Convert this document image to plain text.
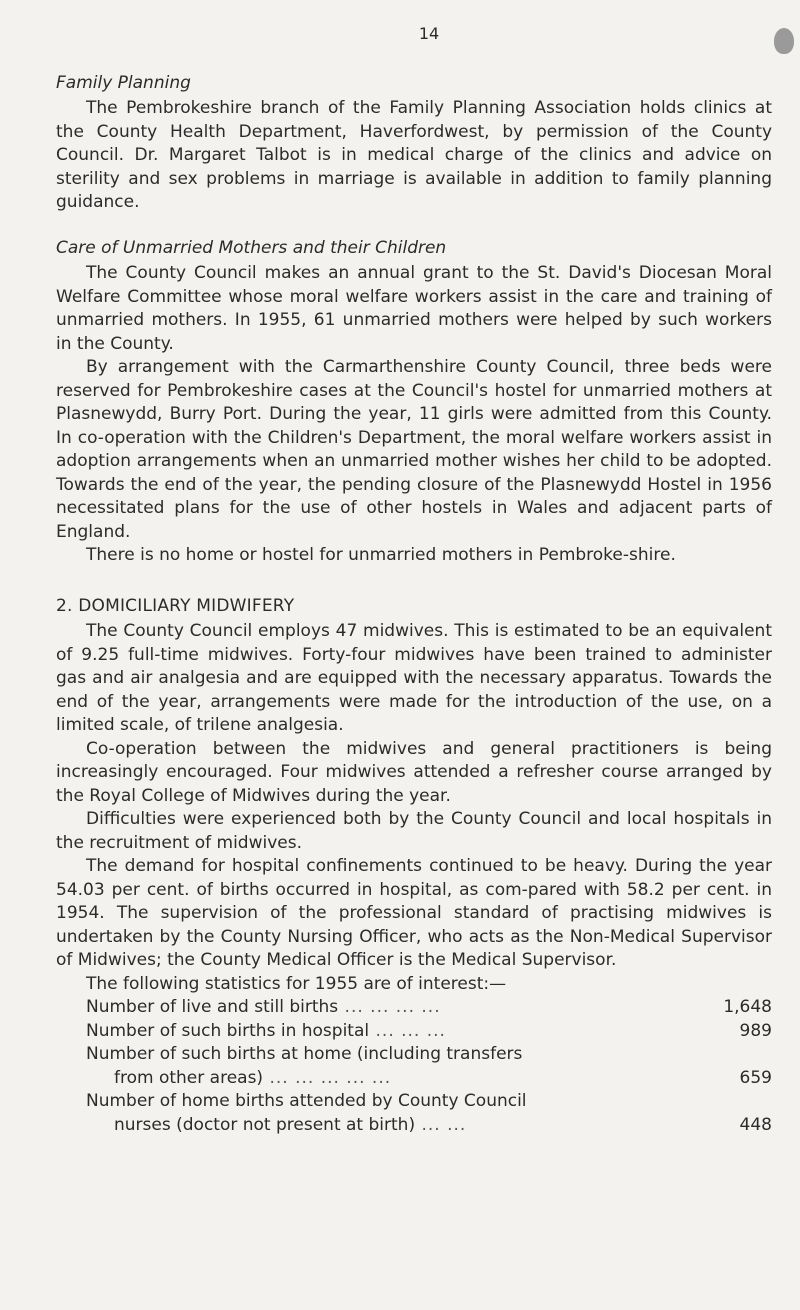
14
Family Planning

The Pembrokeshire branch of the Family Planning Association holds clinics at the County Health Department, Haverfordwest, by permission of the County Council. Dr. Margaret Talbot is in medical charge of the clinics and advice on sterility and sex problems in marriage is available in addition to family planning guidance.

Care of Unmarried Mothers and their Children

The County Council makes an annual grant to the St. David's Diocesan Moral Welfare Committee whose moral welfare workers assist in the care and training of unmarried mothers. In 1955, 61 unmarried mothers were helped by such workers in the County.

By arrangement with the Carmarthenshire County Council, three beds were reserved for Pembrokeshire cases at the Council's hostel for unmarried mothers at Plasnewydd, Burry Port. During the year, 11 girls were admitted from this County. In co-operation with the Children's Department, the moral welfare workers assist in adoption arrangements when an unmarried mother wishes her child to be adopted. Towards the end of the year, the pending closure of the Plasnewydd Hostel in 1956 necessitated plans for the use of other hostels in Wales and adjacent parts of England.

There is no home or hostel for unmarried mothers in Pembroke-shire.

2. DOMICILIARY MIDWIFERY

The County Council employs 47 midwives. This is estimated to be an equivalent of 9.25 full-time midwives. Forty-four midwives have been trained to administer gas and air analgesia and are equipped with the necessary apparatus. Towards the end of the year, arrangements were made for the introduction of the use, on a limited scale, of trilene analgesia.

Co-operation between the midwives and general practitioners is being increasingly encouraged. Four midwives attended a refresher course arranged by the Royal College of Midwives during the year.

Difficulties were experienced both by the County Council and local hospitals in the recruitment of midwives.

The demand for hospital confinements continued to be heavy. During the year 54.03 per cent. of births occurred in hospital, as com-pared with 58.2 per cent. in 1954. The supervision of the professional standard of practising midwives is undertaken by the County Nursing Officer, who acts as the Non-Medical Supervisor of Midwives; the County Medical Officer is the Medical Supervisor.

The following statistics for 1955 are of interest:—

Number of live and still births ... ... ... ...	1,648
Number of such births in hospital ... ... ...	989
Number of such births at home (including transfers
from other areas) ... ... ... ... ...	659
Number of home births attended by County Council
nurses (doctor not present at birth) ... ...	448
